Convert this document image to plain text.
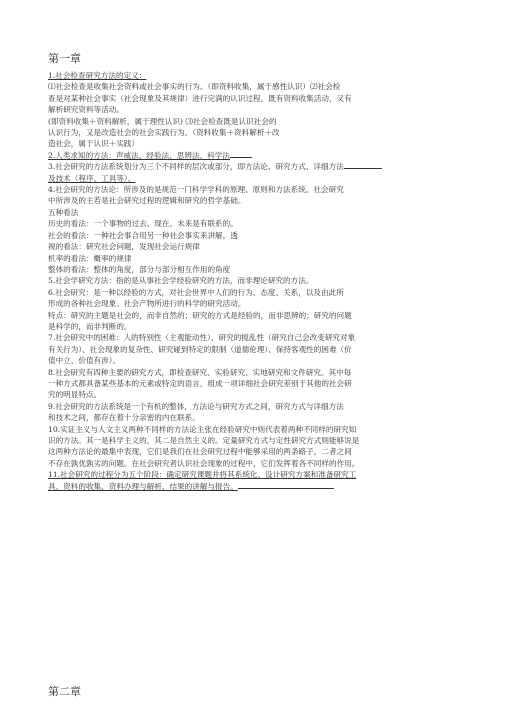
第一章
1.社会检查研究方法的定义：
⑴社会检查是收集社会资料或社会事实的行为。（即资料收集，属于感性认识）⑵社会检
查是对某种社会事实（社会现象及其规律）进行完满的认识过程，既有资料收集活动，又有
解析研究资料等活动。
(即资料收集＋资料解析，属于理性认识) ⑶社会检查既是认识社会的
认识行为，又是改造社会的社会实践行为。（资料收集＋资料解析＋改
造社会，属于认识＋实践）
2.人类求知的方法：声威法、经验法、思辨法、科学法
3.社会研究的方法系统划分为三个不同样的层次或部分，即方法论、研究方式、详细方法
及技术（程序、工具等）。
4.社会研究的方法论：所涉及的是规范一门科学学科的原理、原则和方法系统。社会研究
中所涉及的主若是社会研究过程的逻辑和研究的哲学基础。
五种看法
历史的看法：一个事物的过去、现在、未来是有联系的。
社会的看法：一种社会事合用另一种社会事实来讲解。透
视的看法：研究社会问题，发现社会运行规律
机率的看法：概率的规律
整体的看法：整体的角度，部分与部分相互作用的角度
5.社会学研究方法：指的是从事社会学经验研究的方法，而非理论研究的方法。
6.社会研究：是一种以经验的方式，对社会世界中人们的行为、态度、关系，以及由此所
形成的各种社会现象、社会产物所进行的科学的研究活动。
特点：研究的主题是社会的，而非自然的；研究的方式是经验的，而非思辨的；研究的问题
是科学的，而非判断的。
7.社会研究中的困难：人的特别性（主观能动性）、研究的搅乱性（研究自己会改变研究对象
有关行为）、社会现象的复杂性、研究碰到特定的限制（道德伦理）、保持客观性的困难（价
值中立、价值有涉）。
8.社会研究有四种主要的研究方式，即检查研究、实验研究、实地研究和文件研究。其中每
一种方式都具备某些基本的元素或特定的语言，组成一项详细社会研究差别于其他的社会研
究的明显特点。
9.社会研究的方法系统是一个有机的整体，方法论与研究方式之间，研究方式与详细方法
和技术之间，都存在着十分亲密的内在联系。
10.实证主义与人文主义两种不同样的方法论主张在经验研究中则代表着两种不同样的研究知
识的方法。其一是科学主义的，其二是自然主义的。定量研究方式与定性研究方式则能够说是
这两种方法论的最集中表现，它们是我们在社会研究过程中能够采用的两条路子，二者之间
不存在孰优孰劣的问题。在社会研究者认识社会现象的过程中，它们发挥着各不同样的作用。
11.社会研究的过程分为五个阶段：确定研究课题并将其系统化、设计研究方案和准备研究工
具、资料的收集、资料办理与解析、结果的讲解与报告。
第二章
